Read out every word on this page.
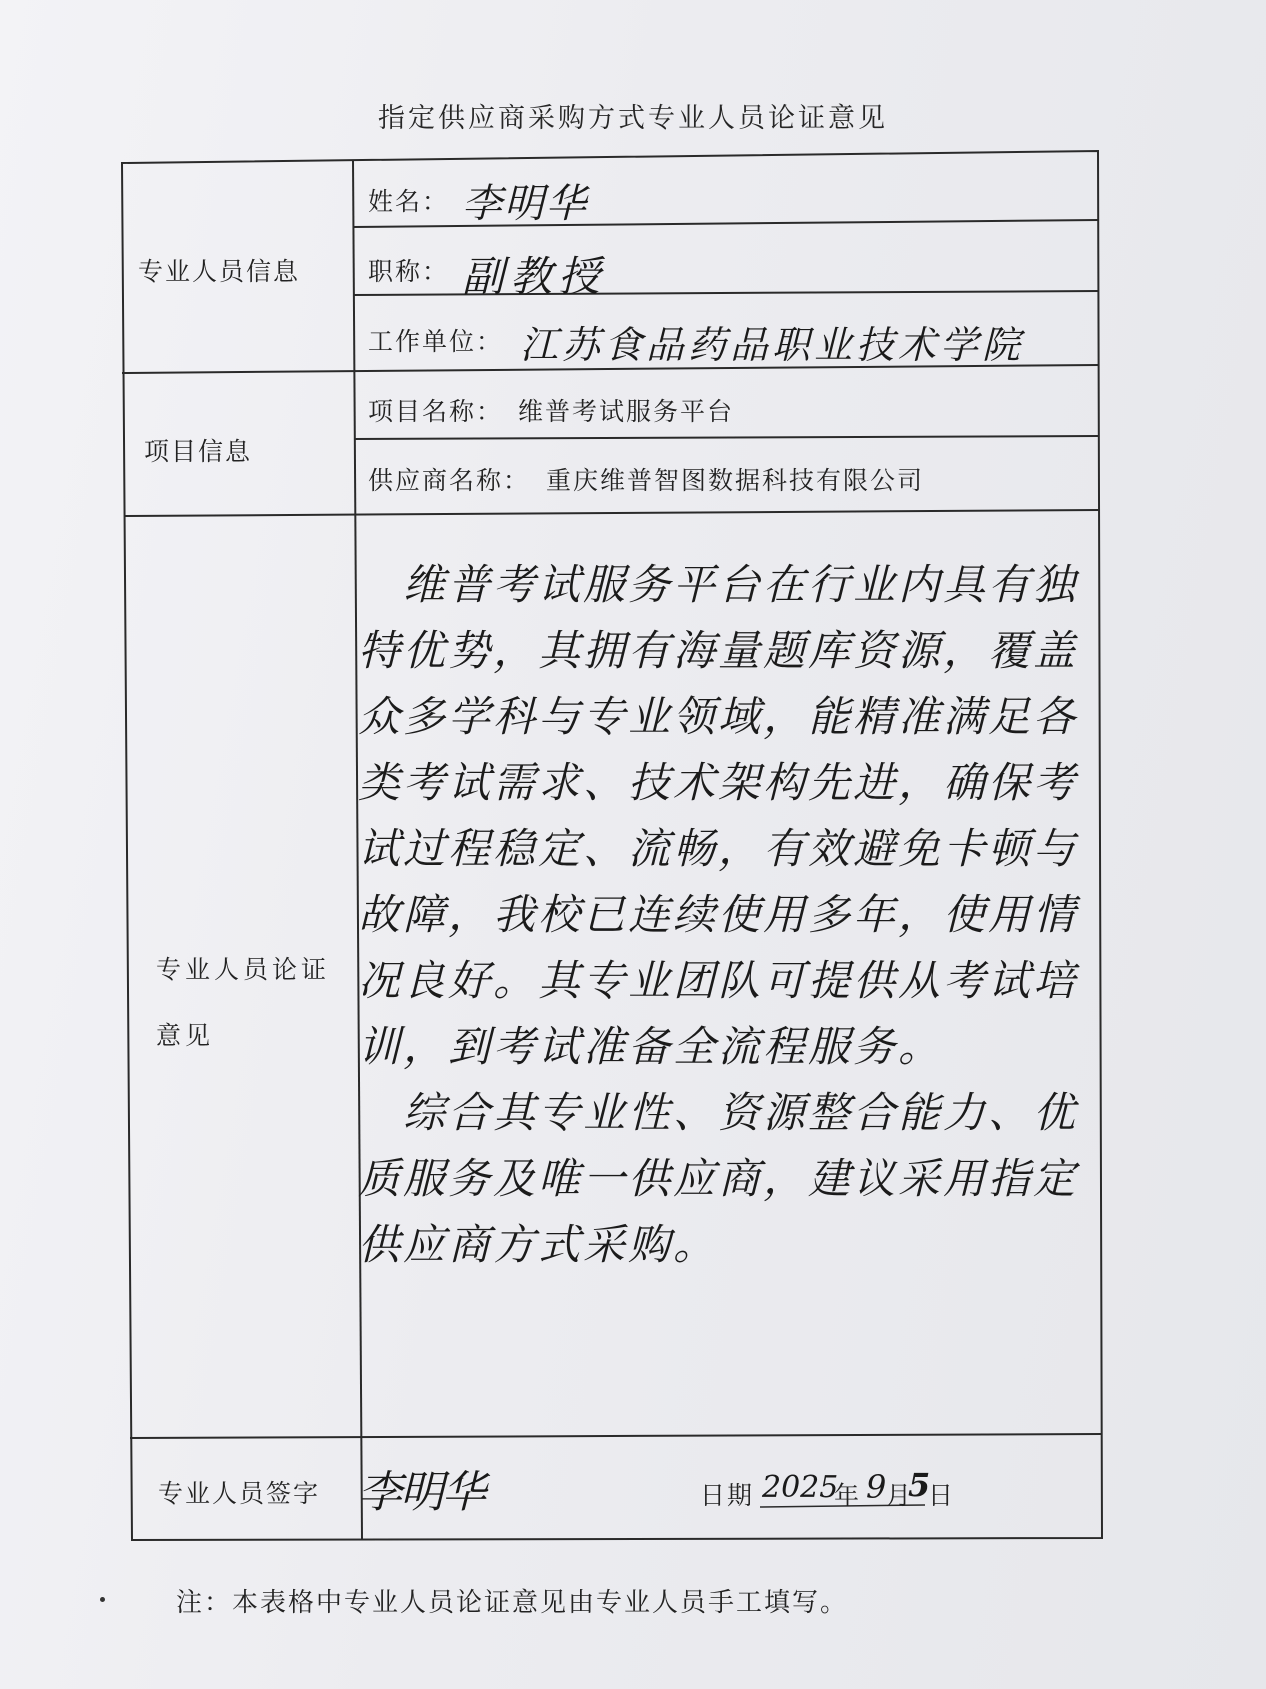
指定供应商采购方式专业人员论证意见
专业人员信息
姓名： 李明华
职称： 副教授
工作单位： 江苏食品药品职业技术学院
项目信息
项目名称： 维普考试服务平台
供应商名称： 重庆维普智图数据科技有限公司
专业人员论证
意见
　维普考试服务平台在行业内具有独特优势，其拥有海量题库资源，覆盖众多学科与专业领域，能精准满足各类考试需求、技术架构先进，确保考试过程稳定、流畅，有效避免卡顿与故障，我校已连续使用多年，使用情况良好。其专业团队可提供从考试培训，到考试准备全流程服务。
　综合其专业性、资源整合能力、优质服务及唯一供应商，建议采用指定供应商方式采购。
专业人员签字 李明华	日期 2025
年 9 月
5
日
注：本表格中专业人员论证意见由专业人员手工填写。
